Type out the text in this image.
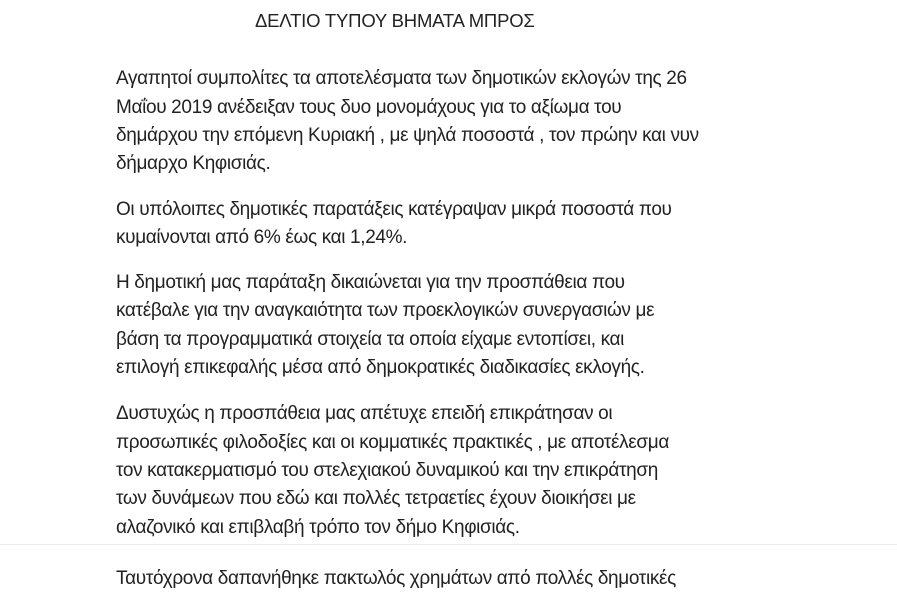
ΔΕΛΤΙΟ ΤΥΠΟΥ ΒΗΜΑΤΑ ΜΠΡΟΣ
Αγαπητοί συμπολίτες τα αποτελέσματα των δημοτικών εκλογών της 26
Μαΐου 2019 ανέδειξαν τους δυο μονομάχους για το αξίωμα του
δημάρχου την επόμενη Κυριακή , με ψηλά ποσοστά , τον πρώην και νυν
δήμαρχο Κηφισιάς.
Οι υπόλοιπες δημοτικές παρατάξεις κατέγραψαν μικρά ποσοστά που
κυμαίνονται από 6% έως και 1,24%.
Η δημοτική μας παράταξη δικαιώνεται για την προσπάθεια που
κατέβαλε για την αναγκαιότητα των προεκλογικών συνεργασιών με
βάση τα προγραμματικά στοιχεία τα οποία είχαμε εντοπίσει, και
επιλογή επικεφαλής μέσα από δημοκρατικές διαδικασίες εκλογής.
Δυστυχώς η προσπάθεια μας απέτυχε επειδή επικράτησαν οι
προσωπικές φιλοδοξίες και οι κομματικές πρακτικές , με αποτέλεσμα
τον κατακερματισμό του στελεχιακού δυναμικού και την επικράτηση
των δυνάμεων που εδώ και πολλές τετραετίες έχουν διοικήσει με
αλαζονικό και επιβλαβή τρόπο τον δήμο Κηφισιάς.
Ταυτόχρονα δαπανήθηκε πακτωλός χρημάτων από πολλές δημοτικές
